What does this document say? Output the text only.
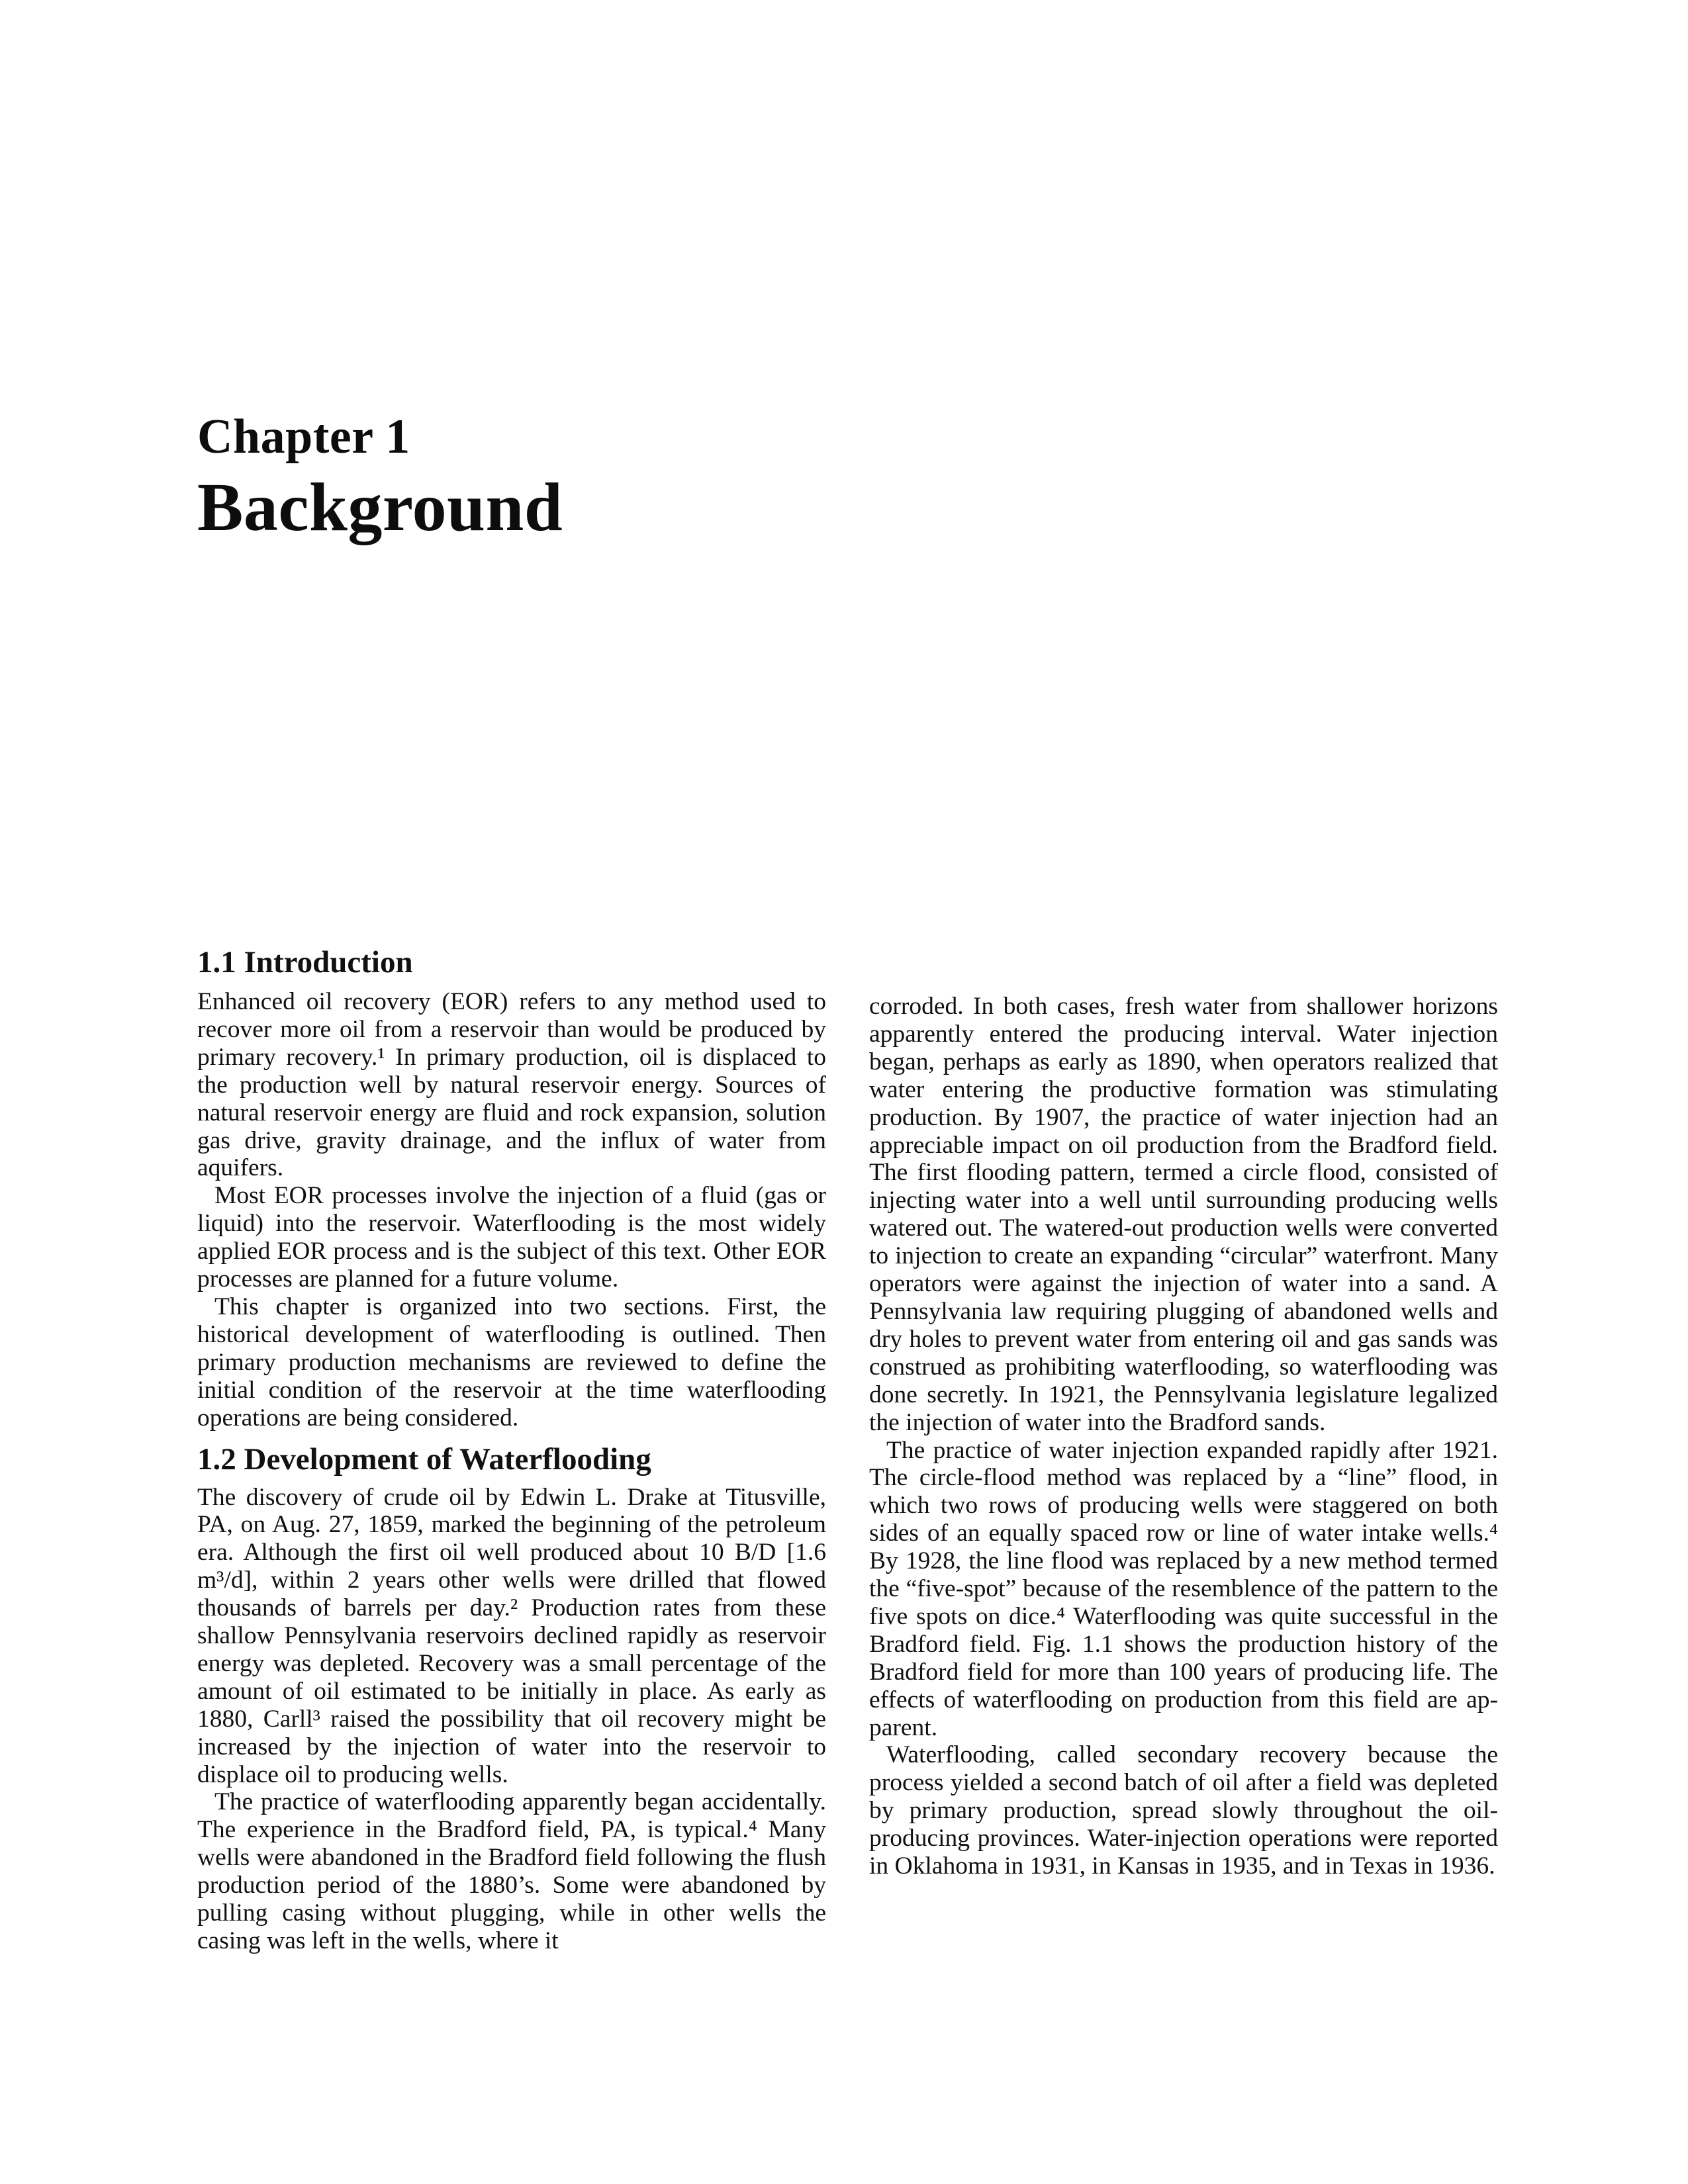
Chapter 1
Background
1.1 Introduction

Enhanced oil recovery (EOR) refers to any method used to recover more oil from a reservoir than would be produced by primary recovery.¹ In primary production, oil is displaced to the production well by natural reservoir energy. Sources of natural reservoir energy are fluid and rock expansion, solution gas drive, gravity drainage, and the influx of water from aquifers.

Most EOR processes involve the injection of a fluid (gas or liquid) into the reservoir. Waterflooding is the most widely applied EOR process and is the subject of this text. Other EOR processes are planned for a future volume.

This chapter is organized into two sections. First, the historical development of waterflooding is outlined. Then primary production mechanisms are reviewed to define the initial condition of the reservoir at the time waterflooding operations are being considered.

1.2 Development of Waterflooding

The discovery of crude oil by Edwin L. Drake at Titusville, PA, on Aug. 27, 1859, marked the beginning of the petroleum era. Although the first oil well produced about 10 B/D [1.6 m³/d], within 2 years other wells were drilled that flowed thousands of barrels per day.² Production rates from these shallow Pennsylvania reservoirs declined rapidly as reservoir energy was depleted. Recovery was a small percentage of the amount of oil estimated to be initially in place. As early as 1880, Carll³ raised the possibility that oil recovery might be increased by the injection of water into the reservoir to displace oil to producing wells.

The practice of waterflooding apparently began accidentally. The experience in the Bradford field, PA, is typical.⁴ Many wells were abandoned in the Bradford field following the flush production period of the 1880’s. Some were abandoned by pulling casing without plugging, while in other wells the casing was left in the wells, where it

corroded. In both cases, fresh water from shallower horizons apparently entered the producing interval. Water injection began, perhaps as early as 1890, when operators realized that water entering the productive formation was stimulating production. By 1907, the practice of water injection had an appreciable impact on oil production from the Bradford field. The first flooding pattern, termed a circle flood, consisted of injecting water into a well until surrounding producing wells watered out. The watered-out production wells were converted to injection to create an expanding “circular” waterfront. Many operators were against the injection of water into a sand. A Pennsylvania law requiring plugging of abandoned wells and dry holes to prevent water from entering oil and gas sands was construed as prohibiting waterflooding, so waterflooding was done secretly. In 1921, the Pennsylvania legislature legalized the injection of water into the Bradford sands.

The practice of water injection expanded rapidly after 1921. The circle-flood method was replaced by a “line” flood, in which two rows of producing wells were staggered on both sides of an equally spaced row or line of water intake wells.⁴ By 1928, the line flood was replaced by a new method termed the “five-spot” because of the resemblence of the pattern to the five spots on dice.⁴ Waterflooding was quite successful in the Bradford field. Fig. 1.1 shows the production history of the Bradford field for more than 100 years of producing life. The effects of waterflooding on production from this field are apparent.

Waterflooding, called secondary recovery because the process yielded a second batch of oil after a field was depleted by primary production, spread slowly throughout the oil-producing provinces. Water-injection operations were reported in Oklahoma in 1931, in Kansas in 1935, and in Texas in 1936.
